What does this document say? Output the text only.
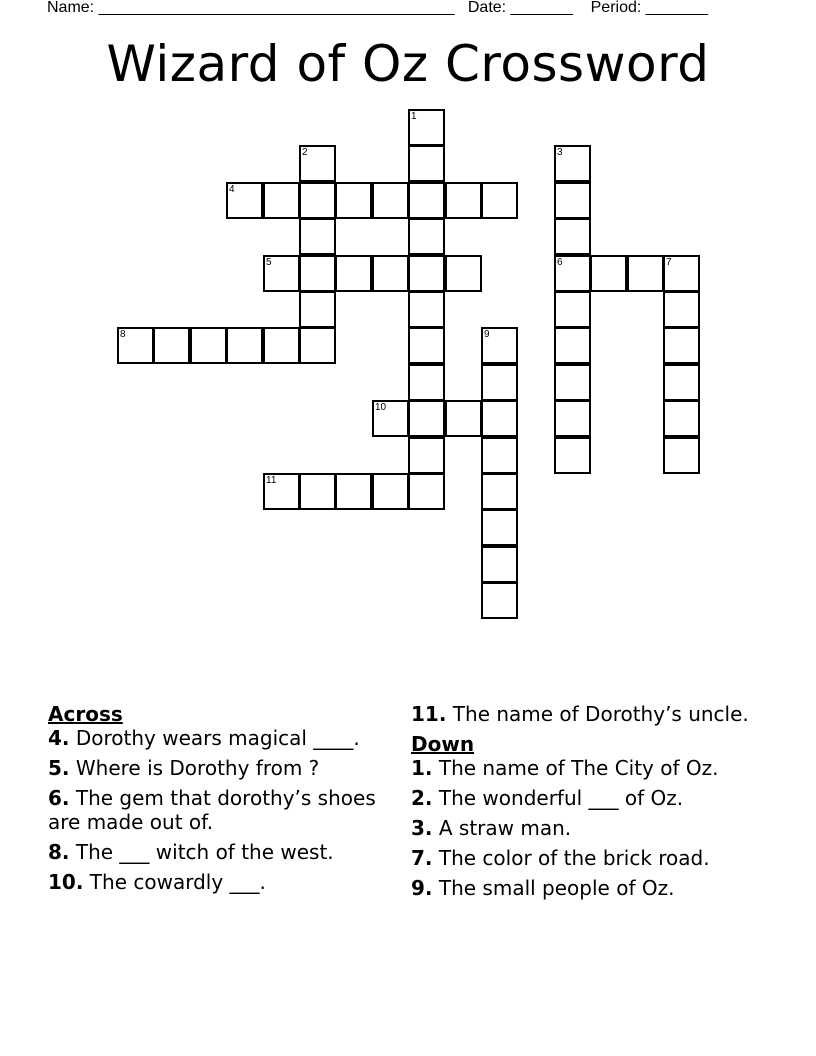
Name: ________________________________________ Date: _______ Period: _______
Wizard of Oz Crossword
1
2	3
6
4
5	7
8	9
10
11
Across
4. Dorothy wears magical ____.
5. Where is Dorothy from ?
6. The gem that dorothy’s shoes are made out of.
8. The ___ witch of the west.
10. The cowardly ___.
11. The name of Dorothy’s uncle.
Down
1. The name of The City of Oz.
2. The wonderful ___ of Oz.
3. A straw man.
7. The color of the brick road.
9. The small people of Oz.
